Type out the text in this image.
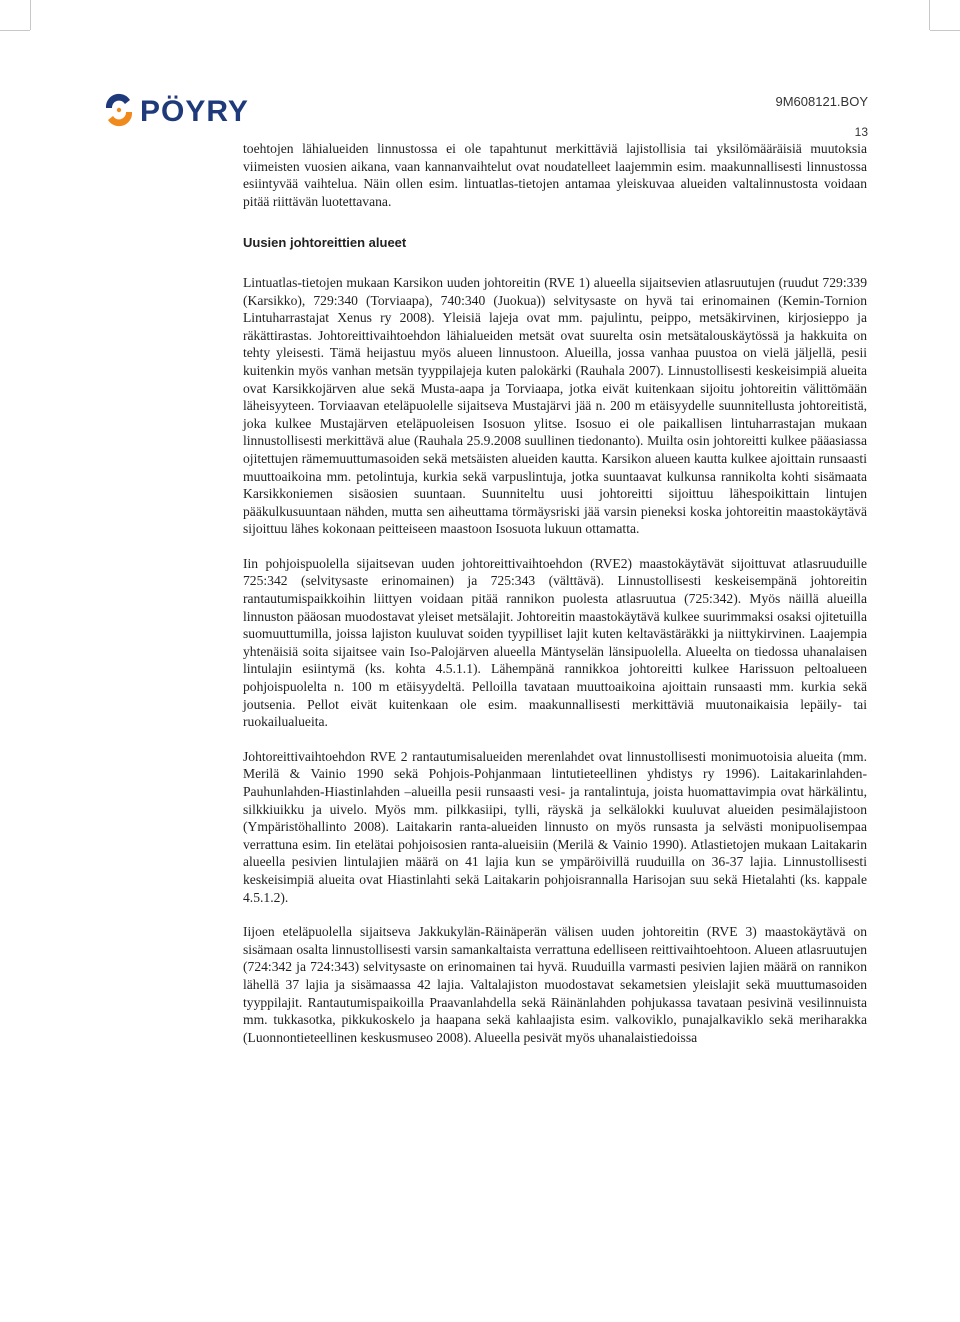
PÖYRY	9M608121.BOY
13

toehtojen lähialueiden linnustossa ei ole tapahtunut merkittäviä lajistollisia tai yksilömääräisiä muutoksia viimeisten vuosien aikana, vaan kannanvaihtelut ovat noudatelleet laajemmin esim. maakunnallisesti linnustossa esiintyvää vaihtelua. Näin ollen esim. lintuatlas-tietojen antamaa yleiskuvaa alueiden valtalinnustosta voidaan pitää riittävän luotettavana.

Uusien johtoreittien alueet

Lintuatlas-tietojen mukaan Karsikon uuden johtoreitin (RVE 1) alueella sijaitsevien atlasruutujen (ruudut 729:339 (Karsikko), 729:340 (Torviaapa), 740:340 (Juokua)) selvitysaste on hyvä tai erinomainen (Kemin-Tornion Lintuharrastajat Xenus ry 2008). Yleisiä lajeja ovat mm. pajulintu, peippo, metsäkirvinen, kirjosieppo ja räkättirastas. Johtoreittivaihtoehdon lähialueiden metsät ovat suurelta osin metsätalouskäytössä ja hakkuita on tehty yleisesti. Tämä heijastuu myös alueen linnustoon. Alueilla, jossa vanhaa puustoa on vielä jäljellä, pesii kuitenkin myös vanhan metsän tyyppilajeja kuten palokärki (Rauhala 2007). Linnustollisesti keskeisimpiä alueita ovat Karsikkojärven alue sekä Musta-aapa ja Torviaapa, jotka eivät kuitenkaan sijoitu johtoreitin välittömään läheisyyteen. Torviaavan eteläpuolelle sijaitseva Mustajärvi jää n. 200 m etäisyydelle suunnitellusta johtoreitistä, joka kulkee Mustajärven eteläpuoleisen Isosuon ylitse. Isosuo ei ole paikallisen lintuharrastajan mukaan linnustollisesti merkittävä alue (Rauhala 25.9.2008 suullinen tiedonanto). Muilta osin johtoreitti kulkee pääasiassa ojitettujen rämemuuttumasoiden sekä metsäisten alueiden kautta. Karsikon alueen kautta kulkee ajoittain runsaasti muuttoaikoina mm. petolintuja, kurkia sekä varpuslintuja, jotka suuntaavat kulkunsa rannikolta kohti sisämaata Karsikkoniemen sisäosien suuntaan. Suunniteltu uusi johtoreitti sijoittuu lähespoikittain lintujen pääkulkusuuntaan nähden, mutta sen aiheuttama törmäysriski jää varsin pieneksi koska johtoreitin maastokäytävä sijoittuu lähes kokonaan peitteiseen maastoon Isosuota lukuun ottamatta.

Iin pohjoispuolella sijaitsevan uuden johtoreittivaihtoehdon (RVE2) maastokäytävät sijoittuvat atlasruuduille 725:342 (selvitysaste erinomainen) ja 725:343 (välttävä). Linnustollisesti keskeisempänä johtoreitin rantautumispaikkoihin liittyen voidaan pitää rannikon puolesta atlasruutua (725:342). Myös näillä alueilla linnuston pääosan muodostavat yleiset metsälajit. Johtoreitin maastokäytävä kulkee suurimmaksi osaksi ojitetuilla suomuuttumilla, joissa lajiston kuuluvat soiden tyypilliset lajit kuten keltavästäräkki ja niittykirvinen. Laajempia yhtenäisiä soita sijaitsee vain Iso-Palojärven alueella Mäntyselän länsipuolella. Alueelta on tiedossa uhanalaisen lintulajin esiintymä (ks. kohta 4.5.1.1). Lähempänä rannikkoa johtoreitti kulkee Harissuon peltoalueen pohjoispuolelta n. 100 m etäisyydeltä. Pelloilla tavataan muuttoaikoina ajoittain runsaasti mm. kurkia sekä joutsenia. Pellot eivät kuitenkaan ole esim. maakunnallisesti merkittäviä muutonaikaisia lepäily- tai ruokailualueita.

Johtoreittivaihtoehdon RVE 2 rantautumisalueiden merenlahdet ovat linnustollisesti monimuotoisia alueita (mm. Merilä & Vainio 1990 sekä Pohjois-Pohjanmaan lintutieteellinen yhdistys ry 1996). Laitakarinlahden-Pauhunlahden-Hiastinlahden –alueilla pesii runsaasti vesi- ja rantalintuja, joista huomattavimpia ovat härkälintu, silkkiuikku ja uivelo. Myös mm. pilkkasiipi, tylli, räyskä ja selkälokki kuuluvat alueiden pesimälajistoon (Ympäristöhallinto 2008). Laitakarin ranta-alueiden linnusto on myös runsasta ja selvästi monipuolisempaa verrattuna esim. Iin etelätai pohjoisosien ranta-alueisiin (Merilä & Vainio 1990). Atlastietojen mukaan Laitakarin alueella pesivien lintulajien määrä on 41 lajia kun se ympäröivillä ruuduilla on 36-37 lajia. Linnustollisesti keskeisimpiä alueita ovat Hiastinlahti sekä Laitakarin pohjoisrannalla Harisojan suu sekä Hietalahti (ks. kappale 4.5.1.2).

Iijoen eteläpuolella sijaitseva Jakkukylän-Räinäperän välisen uuden johtoreitin (RVE 3) maastokäytävä on sisämaan osalta linnustollisesti varsin samankaltaista verrattuna edelliseen reittivaihtoehtoon. Alueen atlasruutujen (724:342 ja 724:343) selvitysaste on erinomainen tai hyvä. Ruuduilla varmasti pesivien lajien määrä on rannikon lähellä 37 lajia ja sisämaassa 42 lajia. Valtalajiston muodostavat sekametsien yleislajit sekä muuttumasoiden tyyppilajit. Rantautumispaikoilla Praavanlahdella sekä Räinänlahden pohjukassa tavataan pesivinä vesilinnuista mm. tukkasotka, pikkukoskelo ja haapana sekä kahlaajista esim. valkoviklo, punajalkaviklo sekä meriharakka (Luonnontieteellinen keskusmuseo 2008). Alueella pesivät myös uhanalaistiedoissa
